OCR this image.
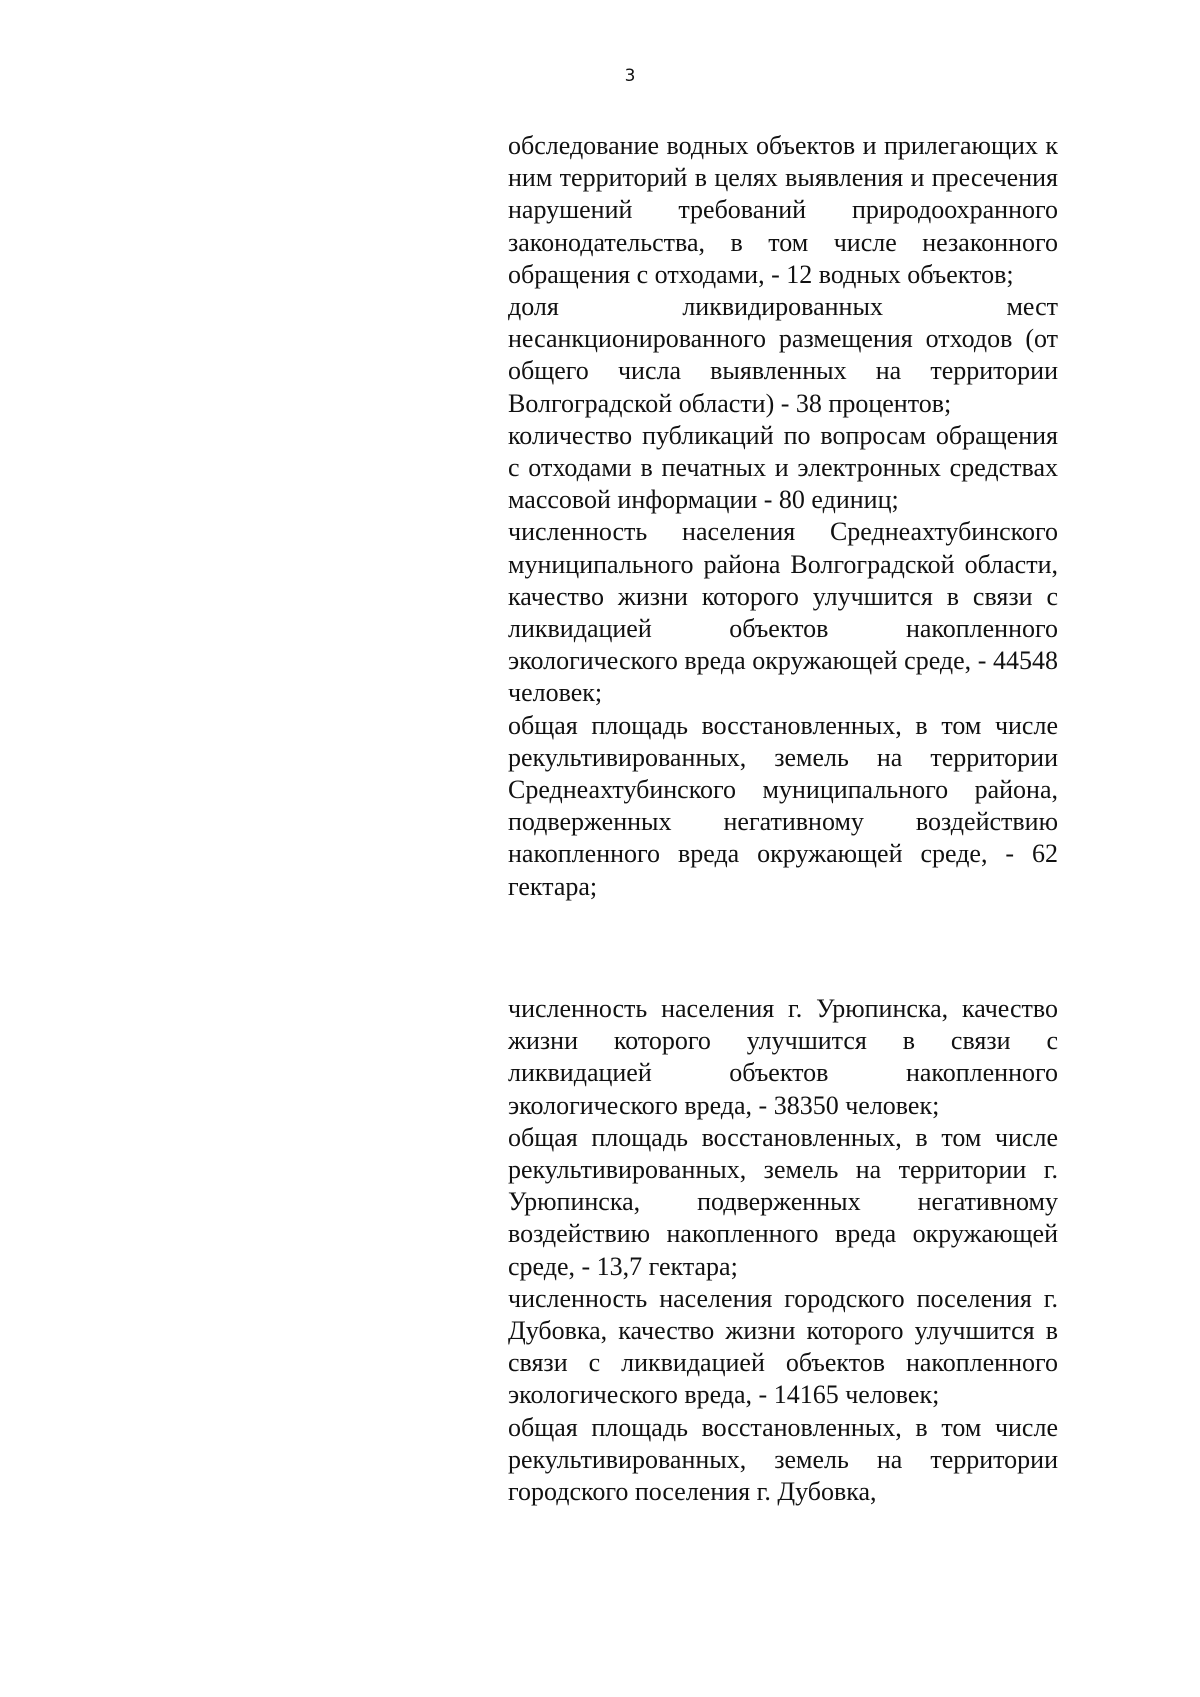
3

обследование водных объектов и прилегающих к ним территорий в целях выявления и пресечения нарушений требований природоохранного законодательства, в том числе незаконного обращения с отходами, - 12 водных объектов;

доля ликвидированных мест несанкционированного размещения отходов (от общего числа выявленных на территории Волгоградской области) - 38 процентов;

количество публикаций по вопросам обращения с отходами в печатных и электронных средствах массовой информации - 80 единиц;

численность населения Среднеахтубинского муниципального района Волгоградской области, качество жизни которого улучшится в связи с ликвидацией объектов накопленного экологического вреда окружающей среде, - 44548 человек;

общая площадь восстановленных, в том числе рекультивированных, земель на территории Среднеахтубинского муниципального района, подверженных негативному воздействию накопленного вреда окружающей среде, - 62 гектара;

численность населения г. Урюпинска, качество жизни которого улучшится в связи с ликвидацией объектов накопленного экологического вреда, - 38350 человек;

общая площадь восстановленных, в том числе рекультивированных, земель на территории г. Урюпинска, подверженных негативному воздействию накопленного вреда окружающей среде, - 13,7 гектара;

численность населения городского поселения г. Дубовка, качество жизни которого улучшится в связи с ликвидацией объектов накопленного экологического вреда, - 14165 человек;

общая площадь восстановленных, в том числе рекультивированных, земель на территории городского поселения г. Дубовка,
